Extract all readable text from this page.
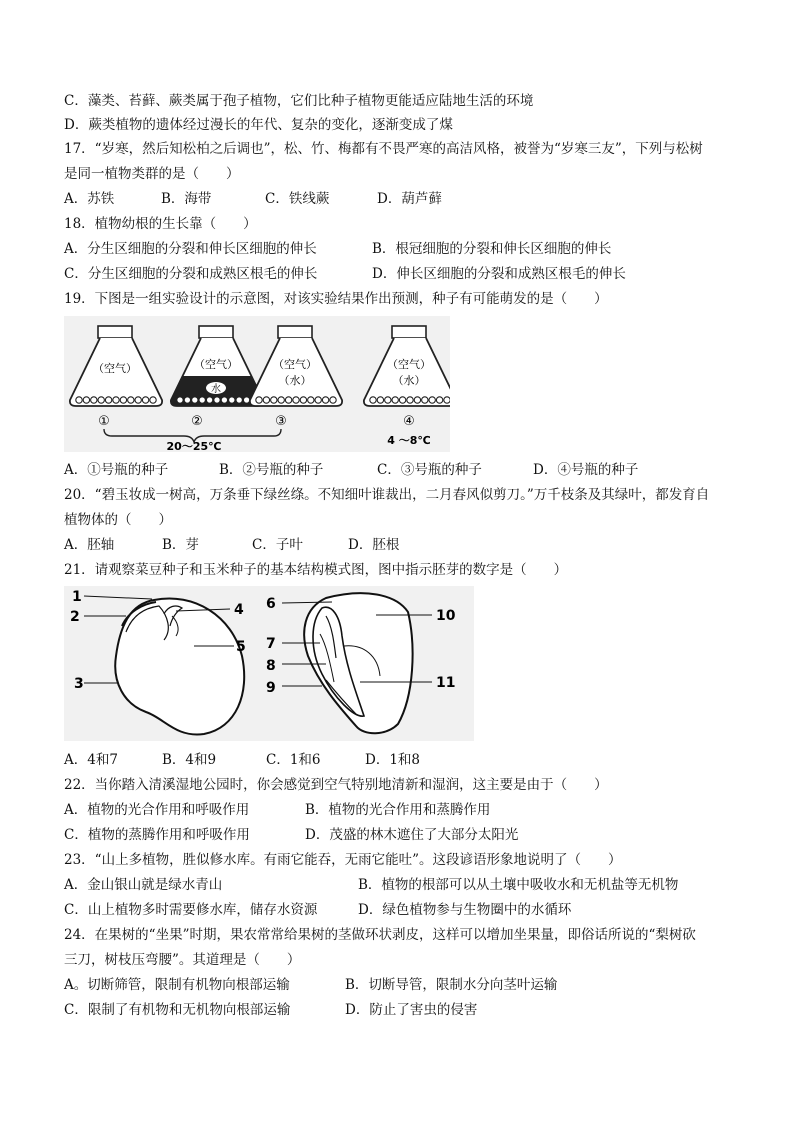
C．藻类、苔藓、蕨类属于孢子植物，它们比种子植物更能适应陆地生活的环境
D．蕨类植物的遗体经过漫长的年代、复杂的变化，逐渐变成了煤
17．“岁寒，然后知松柏之后调也”，松、竹、梅都有不畏严寒的高洁风格，被誉为“岁寒三友”，下列与松树
是同一植物类群的是（　　）
A．苏铁	B．海带	C．铁线蕨	D．葫芦藓
18．植物幼根的生长靠（　　）
A．分生区细胞的分裂和伸长区细胞的伸长	B．根冠细胞的分裂和伸长区细胞的伸长
C．分生区细胞的分裂和成熟区根毛的伸长	D．伸长区细胞的分裂和成熟区根毛的伸长
19．下图是一组实验设计的示意图，对该实验结果作出预测，种子有可能萌发的是（　　）
（空气）
水
（空气）	（空气）
（水）
（空气）
（水）
①	②	③	④
20～25℃	4 ～8℃
A．①号瓶的种子	B．②号瓶的种子	C．③号瓶的种子	D．④号瓶的种子
20．“碧玉妆成一树高，万条垂下绿丝绦。不知细叶谁裁出，二月春风似剪刀。”万千枝条及其绿叶，都发育自
植物体的（　　）
A．胚轴	B．芽	C．子叶	D．胚根
21．请观察菜豆种子和玉米种子的基本结构模式图，图中指示胚芽的数字是（　　）
1
2
3
4
5
6
7
8
9
10
11
A．4和7	B．4和9	C．1和6	D．1和8
22．当你踏入清溪湿地公园时，你会感觉到空气特别地清新和湿润，这主要是由于（　　）
A．植物的光合作用和呼吸作用	B．植物的光合作用和蒸腾作用
C．植物的蒸腾作用和呼吸作用	D．茂盛的林木遮住了大部分太阳光
23．“山上多植物，胜似修水库。有雨它能吞，无雨它能吐”。这段谚语形象地说明了（　　）
A．金山银山就是绿水青山	B．植物的根部可以从土壤中吸收水和无机盐等无机物
C．山上植物多时需要修水库，储存水资源	D．绿色植物参与生物圈中的水循环
24．在果树的“坐果”时期，果农常常给果树的茎做环状剥皮，这样可以增加坐果量，即俗话所说的“梨树砍
三刀，树枝压弯腰”。其道理是（　　）
A。切断筛管，限制有机物向根部运输	B．切断导管，限制水分向茎叶运输
C．限制了有机物和无机物向根部运输	D．防止了害虫的侵害
